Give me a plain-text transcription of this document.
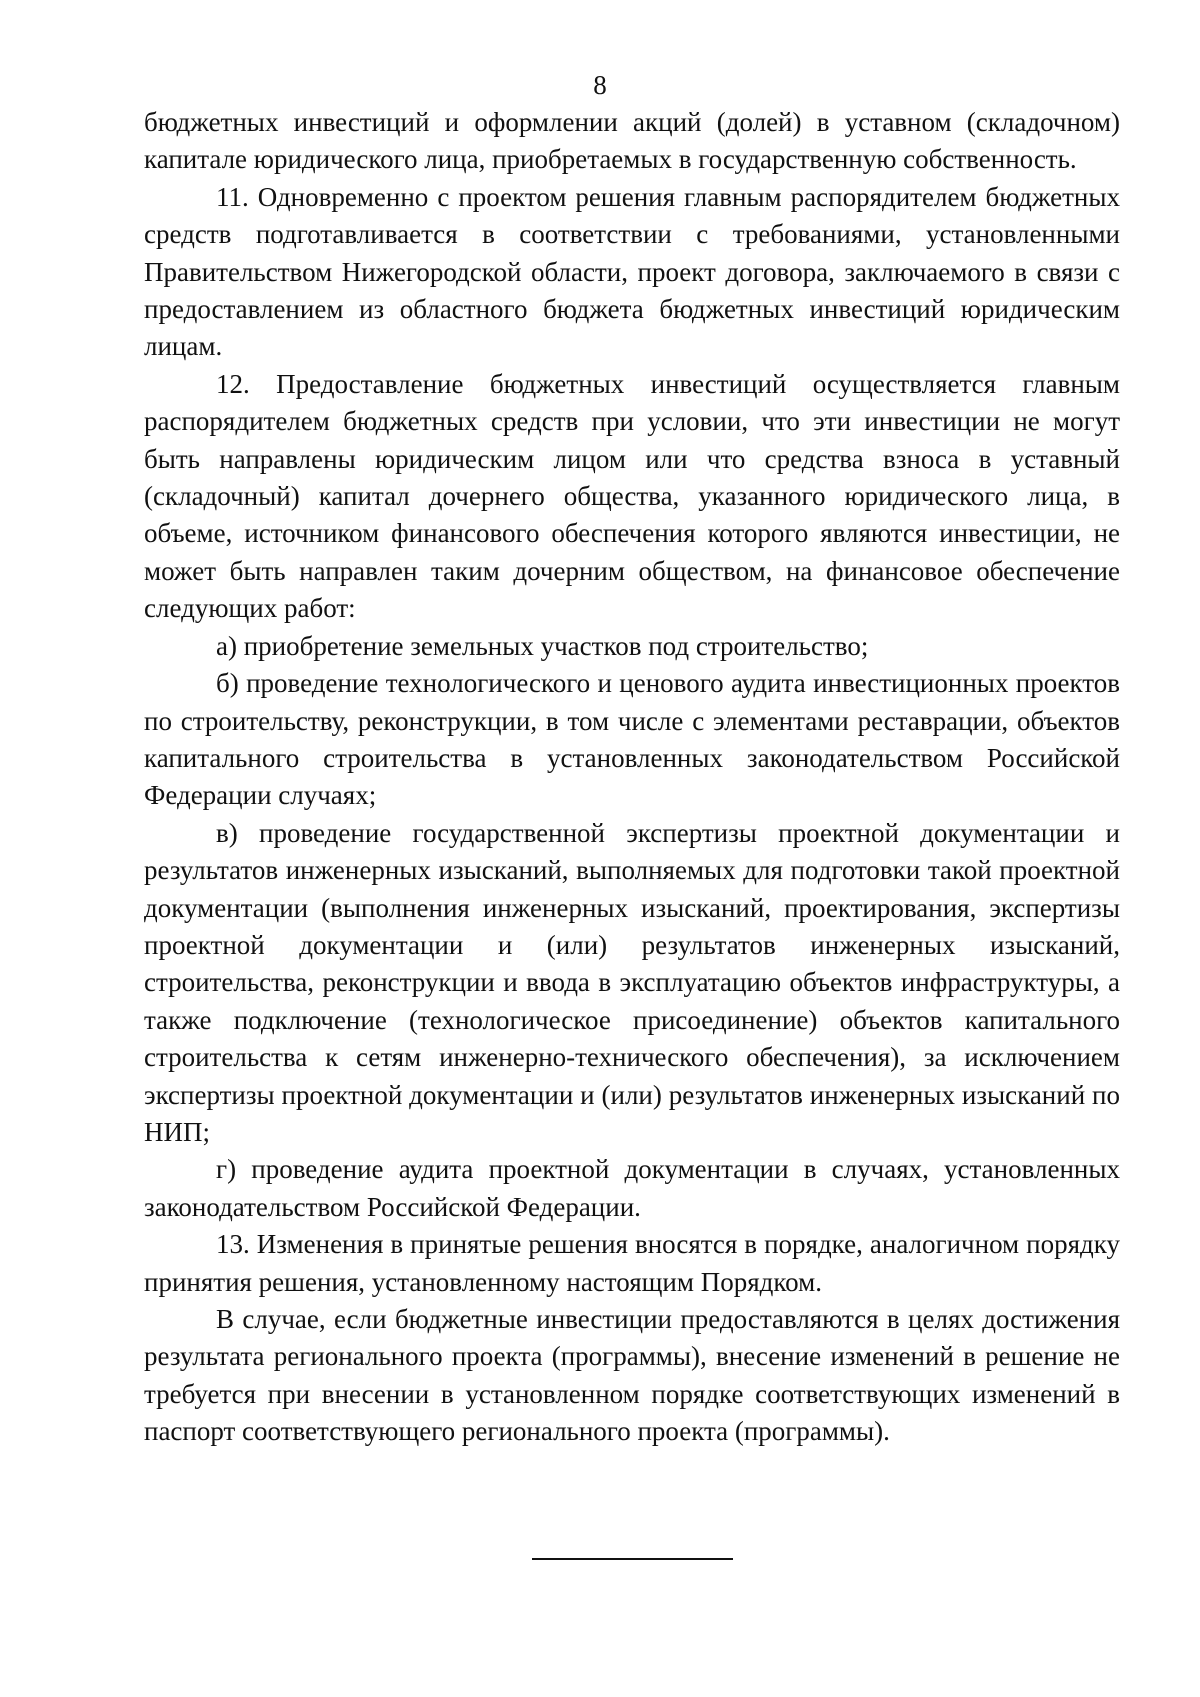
8

бюджетных инвестиций и оформлении акций (долей) в уставном (складочном) капитале юридического лица, приобретаемых в государственную собственность.

11. Одновременно с проектом решения главным распорядителем бюджетных средств подготавливается в соответствии с требованиями, установленными Правительством Нижегородской области, проект договора, заключаемого в связи с предоставлением из областного бюджета бюджетных инвестиций юридическим лицам.

12. Предоставление бюджетных инвестиций осуществляется главным распорядителем бюджетных средств при условии, что эти инвестиции не могут быть направлены юридическим лицом или что средства взноса в уставный (складочный) капитал дочернего общества, указанного юридического лица, в объеме, источником финансового обеспечения которого являются инвестиции, не может быть направлен таким дочерним обществом, на финансовое обеспечение следующих работ:

а) приобретение земельных участков под строительство;

б) проведение технологического и ценового аудита инвестиционных проектов по строительству, реконструкции, в том числе с элементами реставрации, объектов капитального строительства в установленных законодательством Российской Федерации случаях;

в) проведение государственной экспертизы проектной документации и результатов инженерных изысканий, выполняемых для подготовки такой проектной документации (выполнения инженерных изысканий, проектирования, экспертизы проектной документации и (или) результатов инженерных изысканий, строительства, реконструкции и ввода в эксплуатацию объектов инфраструктуры, а также подключение (технологическое присоединение) объектов капитального строительства к сетям инженерно-технического обеспечения), за исключением экспертизы проектной документации и (или) результатов инженерных изысканий по НИП;

г) проведение аудита проектной документации в случаях, установленных законодательством Российской Федерации.

13. Изменения в принятые решения вносятся в порядке, аналогичном порядку принятия решения, установленному настоящим Порядком.

В случае, если бюджетные инвестиции предоставляются в целях достижения результата регионального проекта (программы), внесение изменений в решение не требуется при внесении в установленном порядке соответствующих изменений в паспорт соответствующего регионального проекта (программы).
